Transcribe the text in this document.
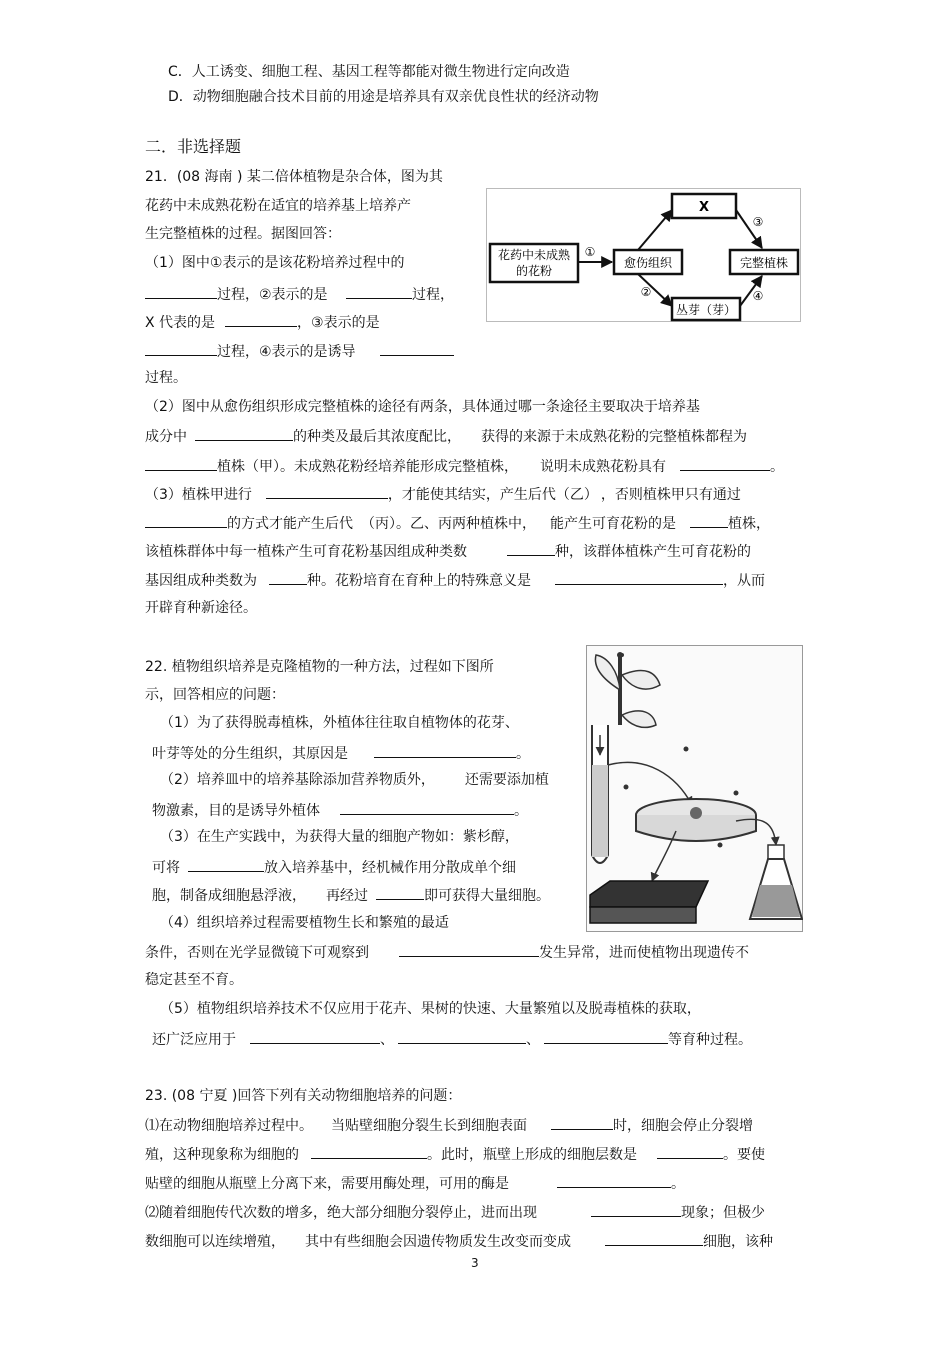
C．人工诱变、细胞工程、基因工程等都能对微生物进行定向改造
D．动物细胞融合技术目前的用途是培养具有双亲优良性状的经济动物
二．非选择题
21．(08 海南 ) 某二倍体植物是杂合体，图为其
花药中未成熟花粉在适宜的培养基上培养产
生完整植株的过程。据图回答：
（1）图中①表示的是该花粉培养过程中的
过程，②表示的是	过程，
X 代表的是	，③表示的是
过程，④表示的是诱导
过程。
花药中未成熟
的花粉
愈伤组织
X
完整植株
丛芽（芽）
①
②
③
④
（2）图中从愈伤组织形成完整植株的途径有两条，具体通过哪一条途径主要取决于培养基
成分中	的种类及最后其浓度配比， 获得的来源于未成熟花粉的完整植株都程为
植株（甲）。未成熟花粉经培养能形成完整植株， 说明未成熟花粉具有	。
（3）植株甲进行	，才能使其结实，产生后代（乙） ，否则植株甲只有通过
的方式才能产生后代 （丙）。乙、丙两种植株中， 能产生可育花粉的是	植株，
该植株群体中每一植株产生可育花粉基因组成种类数	种，该群体植株产生可育花粉的
基因组成种类数为	种。花粉培育在育种上的特殊意义是	，从而
开辟育种新途径。
22. 植物组织培养是克隆植物的一种方法，过程如下图所
示，回答相应的问题：
（1）为了获得脱毒植株，外植体往往取自植物体的花芽、
叶芽等处的分生组织，其原因是	。
（2）培养皿中的培养基除添加营养物质外， 还需要添加植
物激素，目的是诱导外植体	。
（3）在生产实践中，为获得大量的细胞产物如：紫杉醇，
可将	放入培养基中，经机械作用分散成单个细
胞，制备成细胞悬浮液， 再经过	即可获得大量细胞。
（4）组织培养过程需要植物生长和繁殖的最适
条件，否则在光学显微镜下可观察到	发生异常，进而使植物出现遗传不
稳定甚至不育。
（5）植物组织培养技术不仅应用于花卉、果树的快速、大量繁殖以及脱毒植株的获取，
还广泛应用于	、	、	等育种过程。
23. (08 宁夏 )回答下列有关动物细胞培养的问题：
⑴在动物细胞培养过程中。 当贴壁细胞分裂生长到细胞表面	时，细胞会停止分裂增
殖，这种现象称为细胞的	。此时，瓶壁上形成的细胞层数是	。要使
贴壁的细胞从瓶壁上分离下来，需要用酶处理，可用的酶是	。
⑵随着细胞传代次数的增多，绝大部分细胞分裂停止，进而出现	现象；但极少
数细胞可以连续增殖， 其中有些细胞会因遗传物质发生改变而变成	细胞，该种
3
